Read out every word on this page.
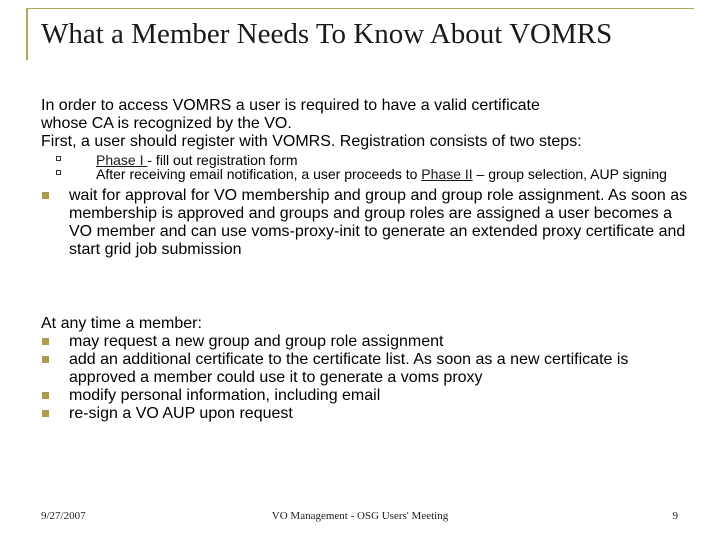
What a Member Needs To Know About VOMRS

In order to access VOMRS a user is required to have a valid certificate

whose CA is recognized by the VO.

First, a user should register with VOMRS. Registration consists of two steps:

Phase I - fill out registration form
After receiving email notification, a user proceeds to Phase II – group selection, AUP signing
wait for approval for VO membership and group and group role assignment. As soon as membership is approved and groups and group roles are assigned a user becomes a VO member and can use voms-proxy-init to generate an extended proxy certificate and start grid job submission

At any time a member:

may request a new group and group role assignment
add an additional certificate to the certificate list. As soon as a new certificate is approved a member could use it to generate a voms proxy
modify personal information, including email
re-sign a VO AUP upon request
9/27/2007	VO Management - OSG Users' Meeting	9
